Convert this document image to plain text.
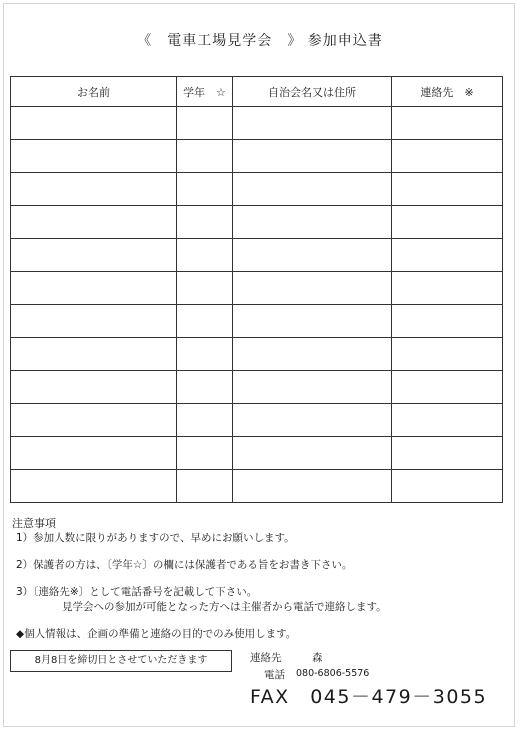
《　電車工場見学会　》 参加申込書
お名前	学年　☆	自治会名又は住所	連絡先　※

注意事項
1）参加人数に限りがありますので、早めにお願いします。
2）保護者の方は、〔学年☆〕の欄には保護者である旨をお書き下さい。
3）〔連絡先※〕として電話番号を記載して下さい。
見学会への参加が可能となった方へは主催者から電話で連絡します。
◆個人情報は、企画の準備と連絡の目的でのみ使用します。
8月8日を締切日とさせていただきます	連絡先	森
電話 080-6806-5576
FAX　045－479－3055
